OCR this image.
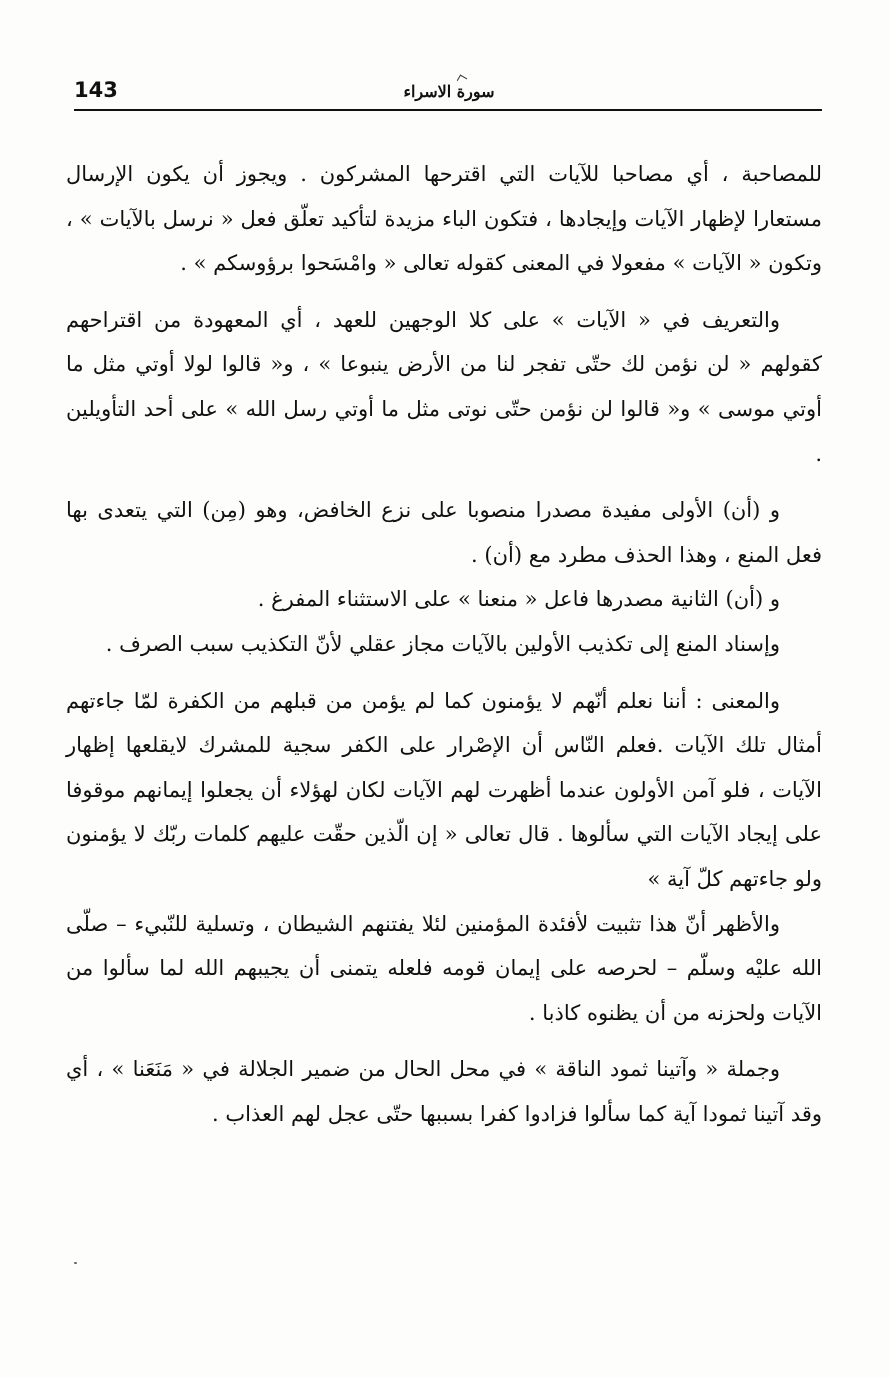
143	سورة الاسراء

للمصاحبة ، أي مصاحبا للآيات التي اقترحها المشركون . ويجوز أن يكون الإرسال مستعارا لإظهار الآيات وإيجادها ، فتكون الباء مزيدة لتأكيد تعلّق فعل « نرسل بالآيات » ، وتكون « الآيات » مفعولا في المعنى كقوله تعالى « وامْسَحوا برؤوسكم » .

والتعريف في « الآيات » على كلا الوجهين للعهد ، أي المعهودة من اقتراحهم كقولهم « لن نؤمن لك حتّى تفجر لنا من الأرض ينبوعا » ، و« قالوا لولا أوتي مثل ما أوتي موسى » و« قالوا لن نؤمن حتّى نوتى مثل ما أوتي رسل الله » على أحد التأويلين .

و (أن) الأولى مفيدة مصدرا منصوبا على نزع الخافض، وهو (مِن) التي يتعدى بها فعل المنع ، وهذا الحذف مطرد مع (أن) .

و (أن) الثانية مصدرها فاعل « منعنا » على الاستثناء المفرغ .

وإسناد المنع إلى تكذيب الأولين بالآيات مجاز عقلي لأنّ التكذيب سبب الصرف .

والمعنى : أننا نعلم أنّهم لا يؤمنون كما لم يؤمن من قبلهم من الكفرة لمّا جاءتهم أمثال تلك الآيات .فعلم النّاس أن الإصْرار على الكفر سجية للمشرك لايقلعها إظهار الآيات ، فلو آمن الأولون عندما أظهرت لهم الآيات لكان لهؤلاء أن يجعلوا إيمانهم موقوفا على إيجاد الآيات التي سألوها . قال تعالى « إن الّذين حقّت عليهم كلمات ربّك لا يؤمنون ولو جاءتهم كلّ آية »

والأظهر أنّ هذا تثبيت لأفئدة المؤمنين لئلا يفتنهم الشيطان ، وتسلية للنّبيء – صلّى الله عليْه وسلّم – لحرصه على إيمان قومه فلعله يتمنى أن يجيبهم الله لما سألوا من الآيات ولحزنه من أن يظنوه كاذبا .

وجملة « وآتينا ثمود الناقة » في محل الحال من ضمير الجلالة في « مَنَعَنا » ، أي وقد آتينا ثمودا آية كما سألوا فزادوا كفرا بسببها حتّى عجل لهم العذاب .
